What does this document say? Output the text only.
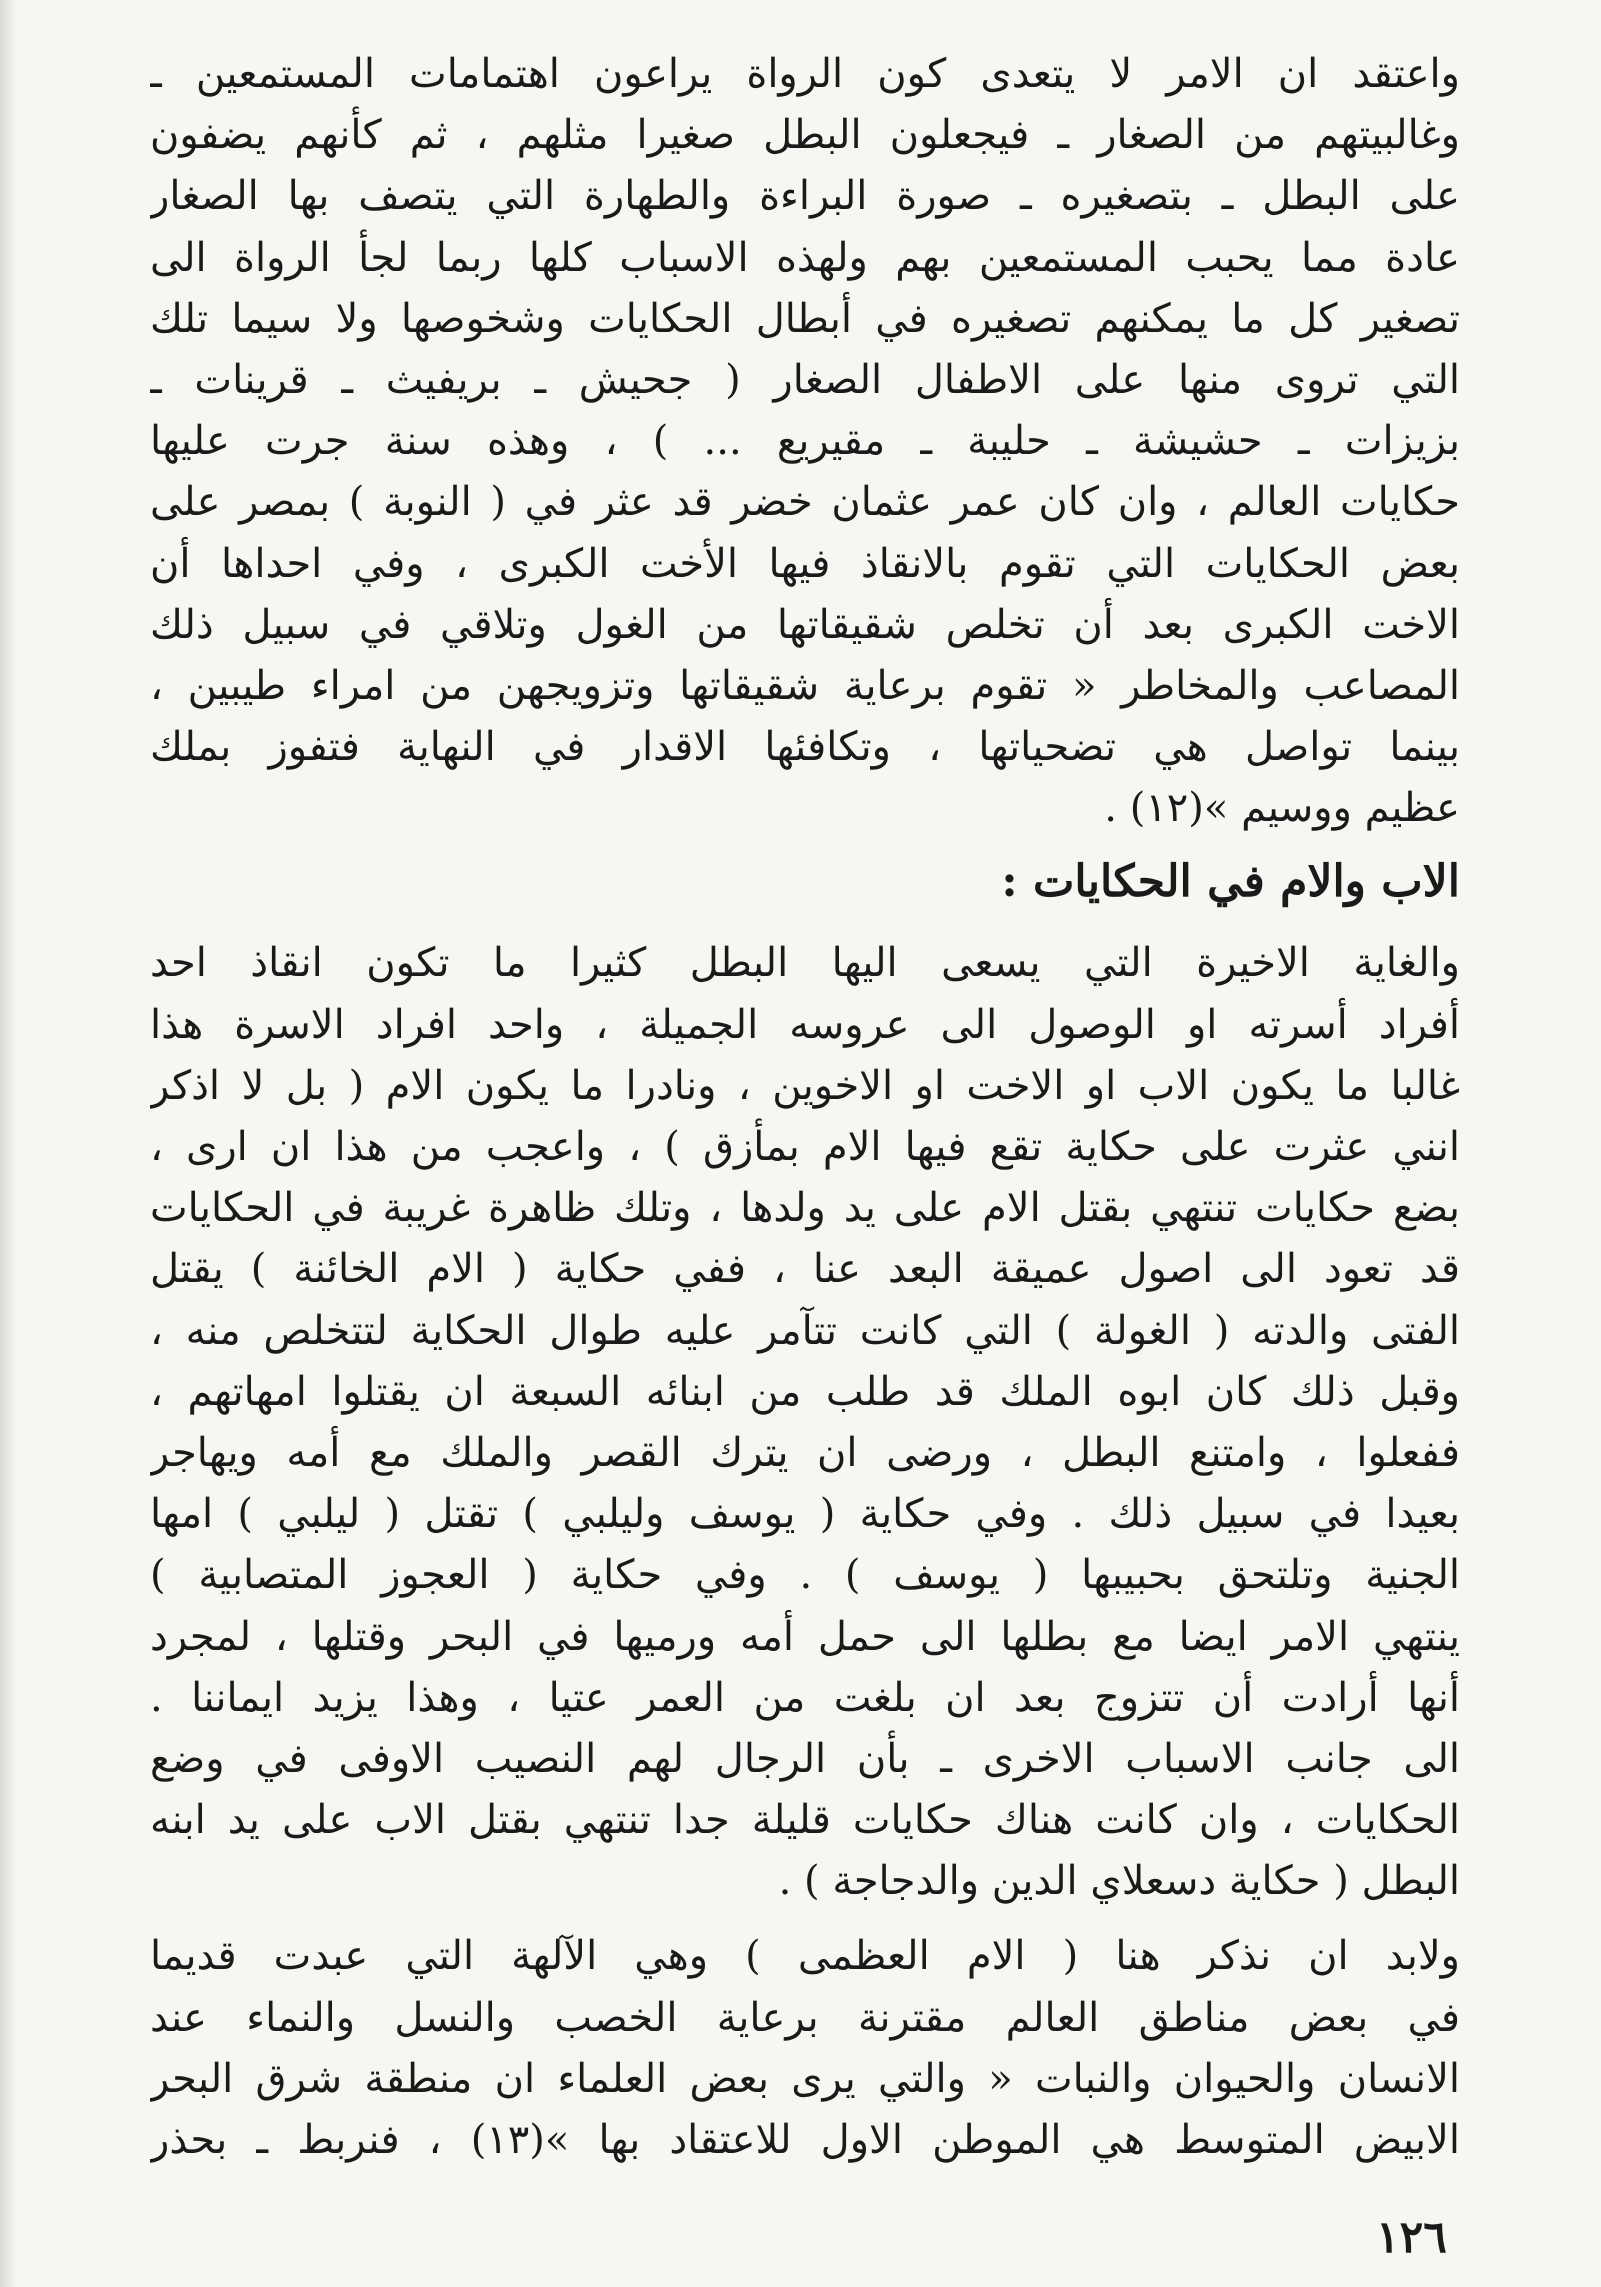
واعتقد ان الامر لا يتعدى كون الرواة يراعون اهتمامات المستمعين ـ
وغالبيتهم من الصغار ـ فيجعلون البطل صغيرا مثلهم ، ثم كأنهم يضفون
على البطل ـ بتصغيره ـ صورة البراءة والطهارة التي يتصف بها الصغار
عادة مما يحبب المستمعين بهم ولهذه الاسباب كلها ربما لجأ الرواة الى
تصغير كل ما يمكنهم تصغيره في أبطال الحكايات وشخوصها ولا سيما تلك
التي تروى منها على الاطفال الصغار ( جحيش ـ بريفيث ـ قرينات ـ
بزيزات ـ حشيشة ـ حليبة ـ مقيريع ... ) ، وهذه سنة جرت عليها
حكايات العالم ، وان كان عمر عثمان خضر قد عثر في ( النوبة ) بمصر على
بعض الحكايات التي تقوم بالانقاذ فيها الأخت الكبرى ، وفي احداها أن
الاخت الكبرى بعد أن تخلص شقيقاتها من الغول وتلاقي في سبيل ذلك
المصاعب والمخاطر « تقوم برعاية شقيقاتها وتزويجهن من امراء طيبين ،
بينما تواصل هي تضحياتها ، وتكافئها الاقدار في النهاية فتفوز بملك
عظيم ووسيم »(١٢) .
الاب والام في الحكايات :
والغاية الاخيرة التي يسعى اليها البطل كثيرا ما تكون انقاذ احد
أفراد أسرته او الوصول الى عروسه الجميلة ، واحد افراد الاسرة هذا
غالبا ما يكون الاب او الاخت او الاخوين ، ونادرا ما يكون الام ( بل لا اذكر
انني عثرت على حكاية تقع فيها الام بمأزق ) ، واعجب من هذا ان ارى ،
بضع حكايات تنتهي بقتل الام على يد ولدها ، وتلك ظاهرة غريبة في الحكايات
قد تعود الى اصول عميقة البعد عنا ، ففي حكاية ( الام الخائنة ) يقتل
الفتى والدته ( الغولة ) التي كانت تتآمر عليه طوال الحكاية لتتخلص منه ،
وقبل ذلك كان ابوه الملك قد طلب من ابنائه السبعة ان يقتلوا امهاتهم ،
ففعلوا ، وامتنع البطل ، ورضى ان يترك القصر والملك مع أمه ويهاجر
بعيدا في سبيل ذلك . وفي حكاية ( يوسف وليلبي ) تقتل ( ليلبي ) امها
الجنية وتلتحق بحبيبها ( يوسف ) . وفي حكاية ( العجوز المتصابية )
ينتهي الامر ايضا مع بطلها الى حمل أمه ورميها في البحر وقتلها ، لمجرد
أنها أرادت أن تتزوج بعد ان بلغت من العمر عتيا ، وهذا يزيد ايماننا .
الى جانب الاسباب الاخرى ـ بأن الرجال لهم النصيب الاوفى في وضع
الحكايات ، وان كانت هناك حكايات قليلة جدا تنتهي بقتل الاب على يد ابنه
البطل ( حكاية دسعلاي الدين والدجاجة ) .
ولابد ان نذكر هنا ( الام العظمى ) وهي الآلهة التي عبدت قديما
في بعض مناطق العالم مقترنة برعاية الخصب والنسل والنماء عند
الانسان والحيوان والنبات « والتي يرى بعض العلماء ان منطقة شرق البحر
الابيض المتوسط هي الموطن الاول للاعتقاد بها »(١٣) ، فنربط ـ بحذر
١٢٦
